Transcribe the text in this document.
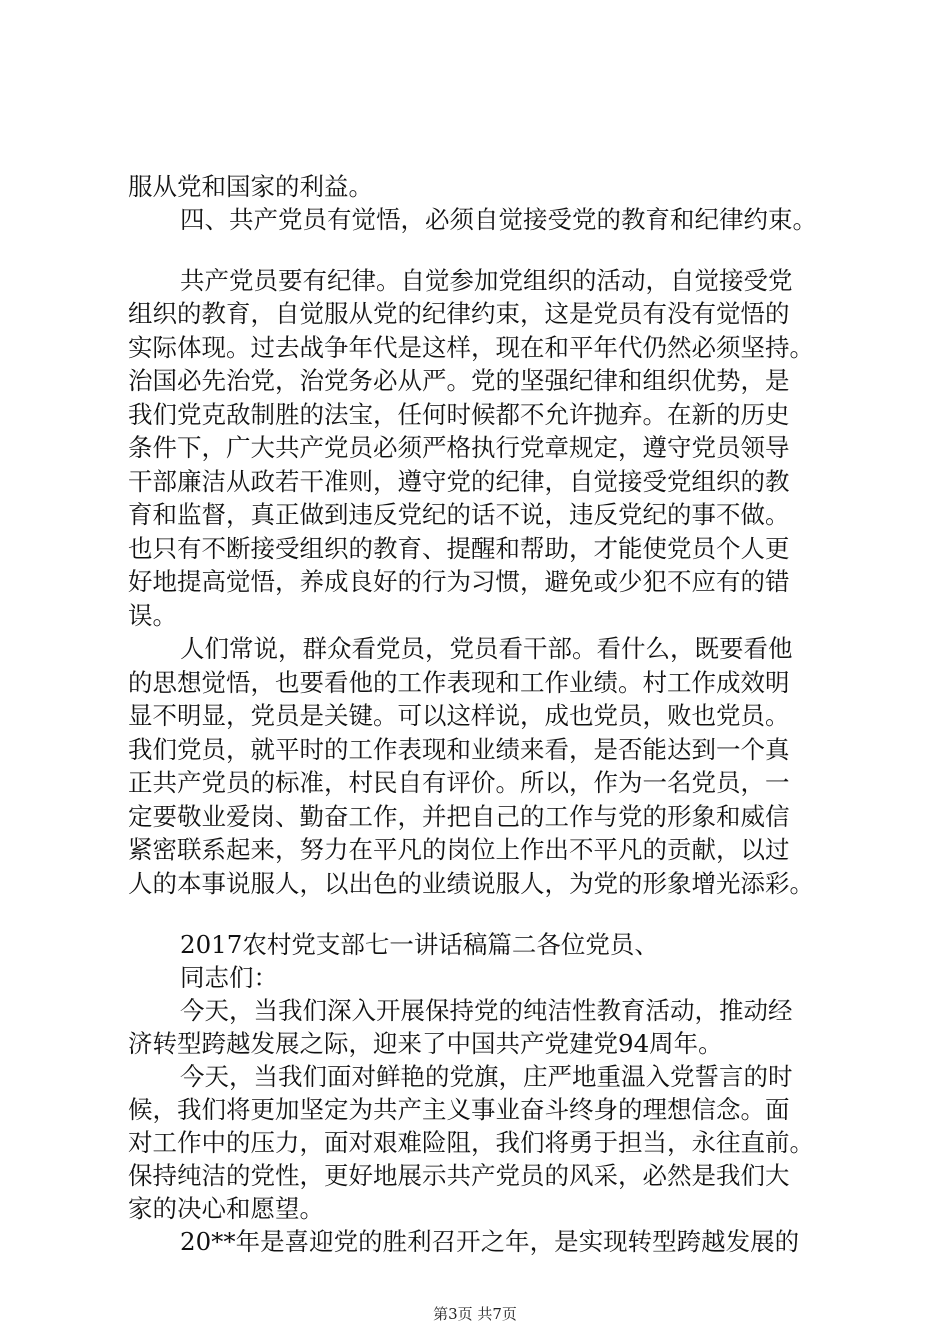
服从党和国家的利益。
四、共产党员有觉悟，必须自觉接受党的教育和纪律约束。
共产党员要有纪律。自觉参加党组织的活动，自觉接受党
组织的教育，自觉服从党的纪律约束，这是党员有没有觉悟的
实际体现。过去战争年代是这样，现在和平年代仍然必须坚持。
治国必先治党，治党务必从严。党的坚强纪律和组织优势，是
我们党克敌制胜的法宝，任何时候都不允许抛弃。在新的历史
条件下，广大共产党员必须严格执行党章规定，遵守党员领导
干部廉洁从政若干准则，遵守党的纪律，自觉接受党组织的教
育和监督，真正做到违反党纪的话不说，违反党纪的事不做。
也只有不断接受组织的教育、提醒和帮助，才能使党员个人更
好地提高觉悟，养成良好的行为习惯，避免或少犯不应有的错
误。
人们常说，群众看党员，党员看干部。看什么，既要看他
的思想觉悟，也要看他的工作表现和工作业绩。村工作成效明
显不明显，党员是关键。可以这样说，成也党员，败也党员。
我们党员，就平时的工作表现和业绩来看，是否能达到一个真
正共产党员的标准，村民自有评价。所以，作为一名党员，一
定要敬业爱岗、勤奋工作，并把自己的工作与党的形象和威信
紧密联系起来，努力在平凡的岗位上作出不平凡的贡献，以过
人的本事说服人，以出色的业绩说服人，为党的形象增光添彩。
2017农村党支部七一讲话稿篇二各位党员、
同志们：
今天，当我们深入开展保持党的纯洁性教育活动，推动经
济转型跨越发展之际，迎来了中国共产党建党94周年。
今天，当我们面对鲜艳的党旗，庄严地重温入党誓言的时
候，我们将更加坚定为共产主义事业奋斗终身的理想信念。面
对工作中的压力，面对艰难险阻，我们将勇于担当，永往直前。
保持纯洁的党性，更好地展示共产党员的风采，必然是我们大
家的决心和愿望。
20**年是喜迎党的胜利召开之年，是实现转型跨越发展的
第3页 共7页
